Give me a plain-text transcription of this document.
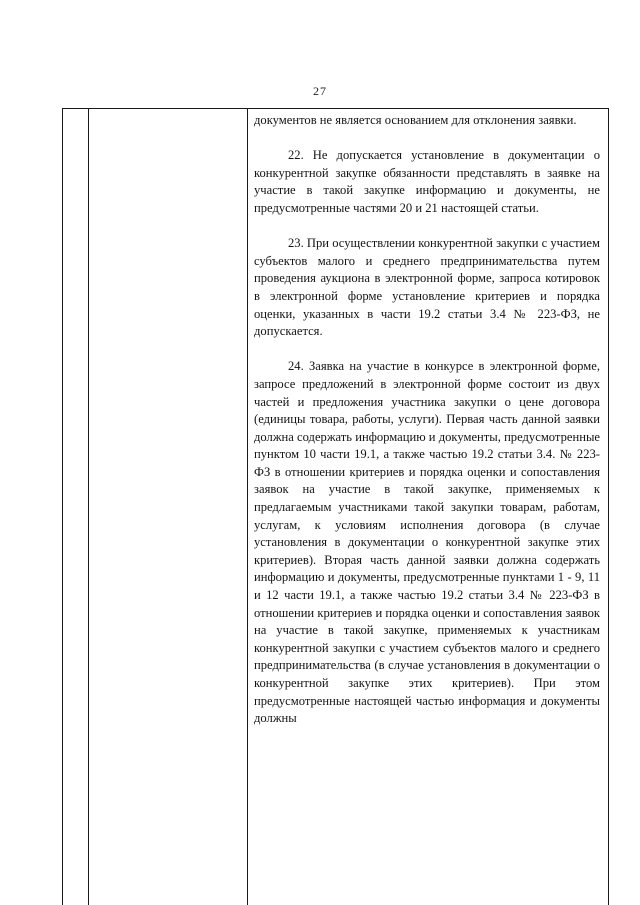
27

документов не является основанием для отклонения заявки.

22. Не допускается установление в документации о конкурентной закупке обязанности представлять в заявке на участие в такой закупке информацию и документы, не предусмотренные частями 20 и 21 настоящей статьи.

23. При осуществлении конкурентной закупки с участием субъектов малого и среднего предпринимательства путем проведения аукциона в электронной форме, запроса котировок в электронной форме установление критериев и порядка оценки, указанных в части 19.2 статьи 3.4 № 223-ФЗ, не допускается.

24. Заявка на участие в конкурсе в электронной форме, запросе предложений в электронной форме состоит из двух частей и предложения участника закупки о цене договора (единицы товара, работы, услуги). Первая часть данной заявки должна содержать информацию и документы, предусмотренные пунктом 10 части 19.1, а также частью 19.2 статьи 3.4. № 223-ФЗ в отношении критериев и порядка оценки и сопоставления заявок на участие в такой закупке, применяемых к предлагаемым участниками такой закупки товарам, работам, услугам, к условиям исполнения договора (в случае установления в документации о конкурентной закупке этих критериев). Вторая часть данной заявки должна содержать информацию и документы, предусмотренные пунктами 1 - 9, 11 и 12 части 19.1, а также частью 19.2 статьи 3.4 № 223-ФЗ в отношении критериев и порядка оценки и сопоставления заявок на участие в такой закупке, применяемых к участникам конкурентной закупки с участием субъектов малого и среднего предпринимательства (в случае установления в документации о конкурентной закупке этих критериев). При этом предусмотренные настоящей частью информация и документы должны
